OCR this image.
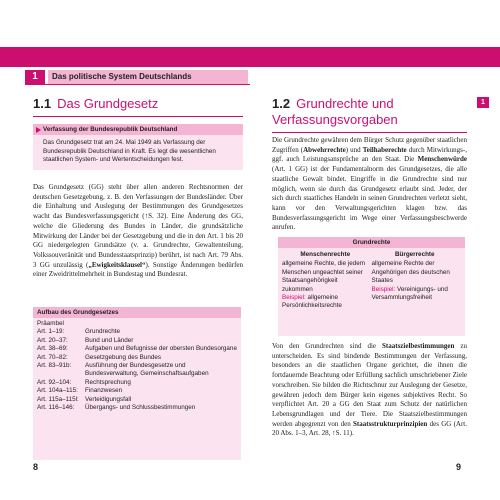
1	Das politische System Deutschlands
1
1.1 Das Grundgesetz
Verfassung der Bundesrepublik Deutschland
Das Grundgesetz trat am 24. Mai 1949 als Verfassung der Bundesrepublik Deutschland in Kraft. Es legt die wesentlichen staatlichen System- und Wertentscheidungen fest.
Das Grundgesetz (GG) steht über allen anderen Rechtsnormen der deutschen Gesetzgebung, z. B. den Verfassungen der Bundesländer. Über die Einhaltung und Auslegung der Bestimmungen des Grundgesetzes wacht das Bundesverfassungsgericht (↑S. 32). Eine Änderung des GG, welche die Gliederung des Bundes in Länder, die grundsätzliche Mitwirkung der Länder bei der Gesetzgebung und die in den Art. 1 bis 20 GG niedergelegten Grundsätze (v. a. Grundrechte, Gewaltenteilung, Volkssouveränität und Bundesstaatsprinzip) berührt, ist nach Art. 79 Abs. 3 GG unzulässig („Ewigkeitsklausel“). Sonstige Änderungen bedürfen einer Zweidrittelmehrheit in Bundestag und Bundesrat.
Aufbau des Grundgesetzes
Präambel
Art. 1–19:	Grundrechte
Art. 20–37:	Bund und Länder
Art. 38–69:	Aufgaben und Befugnisse der obersten Bundesorgane
Art. 70–82:	Gesetzgebung des Bundes
Art. 83–91b:	Ausführung der Bundesgesetze und Bundesverwaltung, Gemeinschaftsaufgaben
Art. 92–104:	Rechtsprechung
Art. 104a–115:	Finanzwesen
Art. 115a–115l: Verteidigungsfall
Art. 116–146:	Übergangs- und Schlussbestimmungen
8
1.2 Grundrechte und Verfassungsvorgaben
Die Grundrechte gewähren dem Bürger Schutz gegenüber staatlichen Zugriffen (Abwehrrechte) und Teilhaberechte durch Mitwirkungs-, ggf. auch Leistungsansprüche an den Staat. Die Menschenwürde (Art. 1 GG) ist der Fundamentalnorm des Grundgesetzes, die alle staatliche Gewalt bindet. Eingriffe in die Grundrechte sind nur möglich, wenn sie durch das Grundgesetz erlaubt sind. Jeder, der sich durch staatliches Handeln in seinen Grundrechten verletzt sieht, kann vor den Verwaltungsgerichten klagen bzw. das Bundesverfassungsgericht im Wege einer Verfassungsbeschwerde anrufen.
Grundrechte
Menschenrechte
allgemeine Rechte, die jedem Menschen ungeachtet seiner Staatsangehörigkeit zukommen
Beispiel: allgemeine Persönlichkeitsrechte
Bürgerrechte
allgemeine Rechte der Angehörigen des deutschen Staates
Beispiel: Vereinigungs- und Versammlungsfreiheit
Von den Grundrechten sind die Staatszielbestimmungen zu unterscheiden. Es sind bindende Bestimmungen der Verfassung, besonders an die staatlichen Organe gerichtet, die ihnen die fortdauernde Beachtung oder Erfüllung sachlich umschriebener Ziele vorschreiben. Sie bilden die Richtschnur zur Auslegung der Gesetze, gewähren jedoch dem Bürger kein eigenes subjektives Recht. So verpflichtet Art. 20 a GG den Staat zum Schutz der natürlichen Lebensgrundlagen und der Tiere. Die Staatszielbestimmungen werden abgegrenzt von den Staatsstrukturprinzipien des GG (Art. 20 Abs. 1–3, Art. 28, ↑S. 11).
9
